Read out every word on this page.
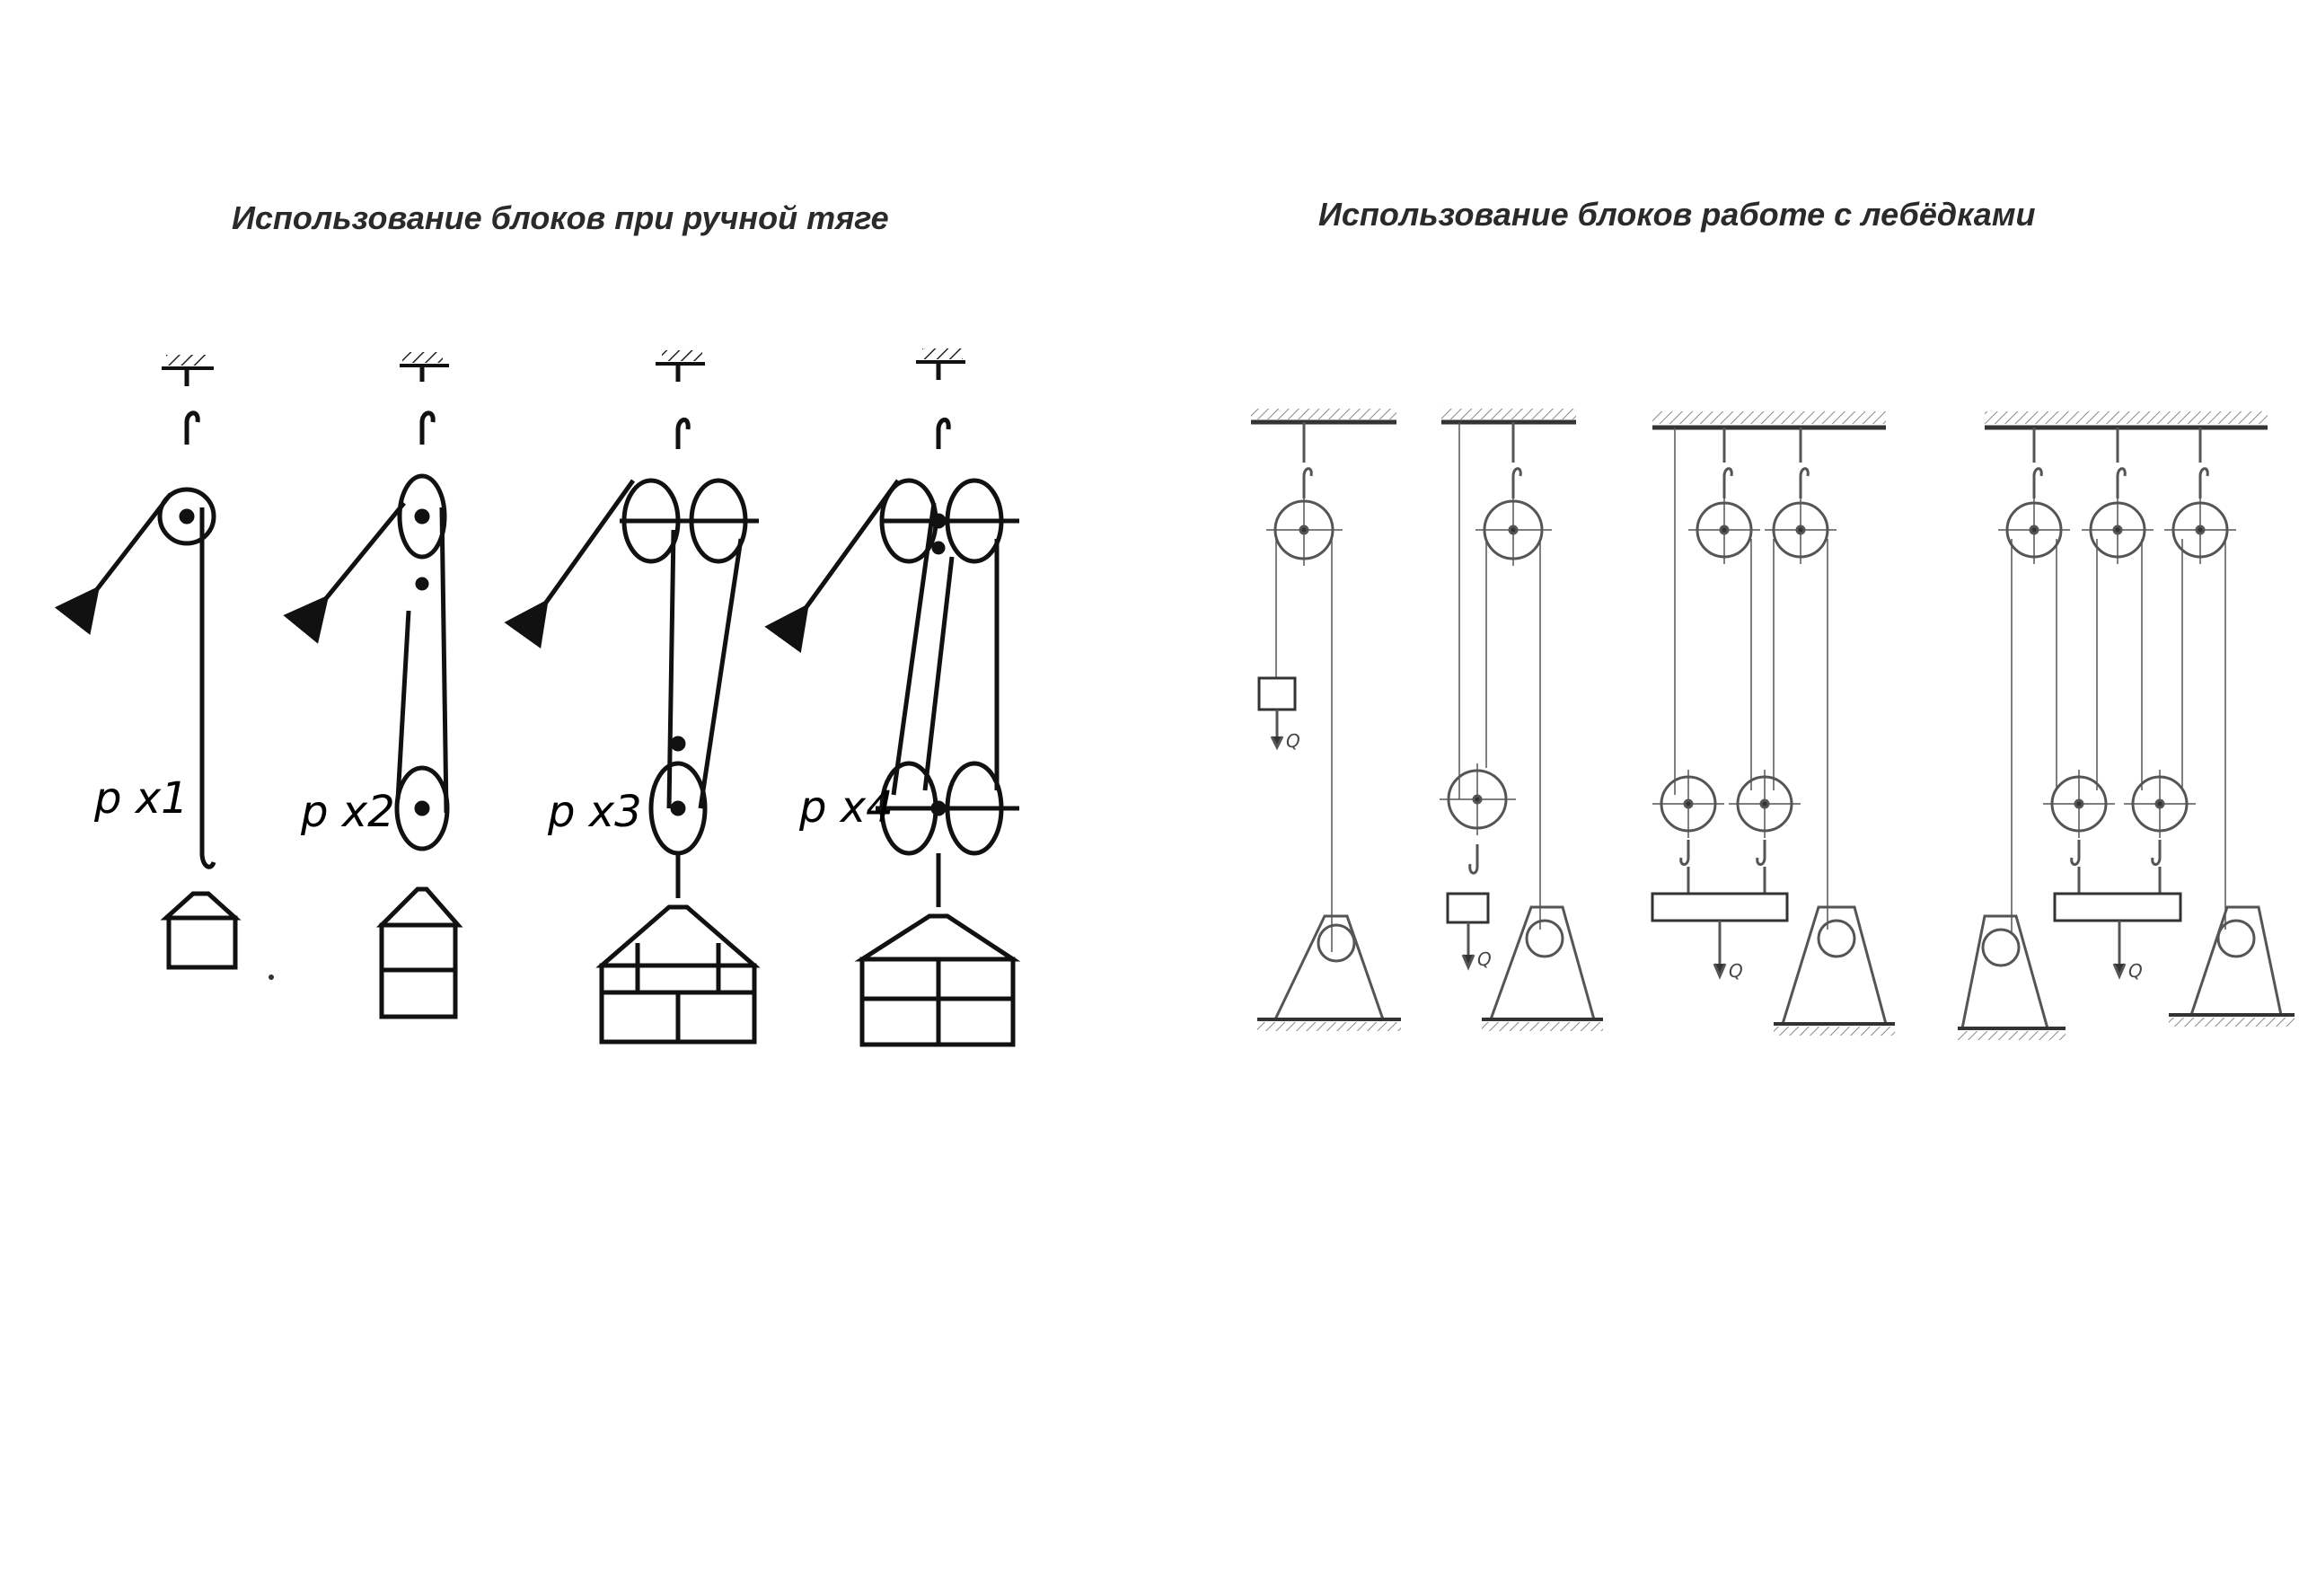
Использование блоков при ручной тяге	Использование блоков работе с лебёдками
р х1	р х2	р х3	р х4
Q
Q
Q	Q
